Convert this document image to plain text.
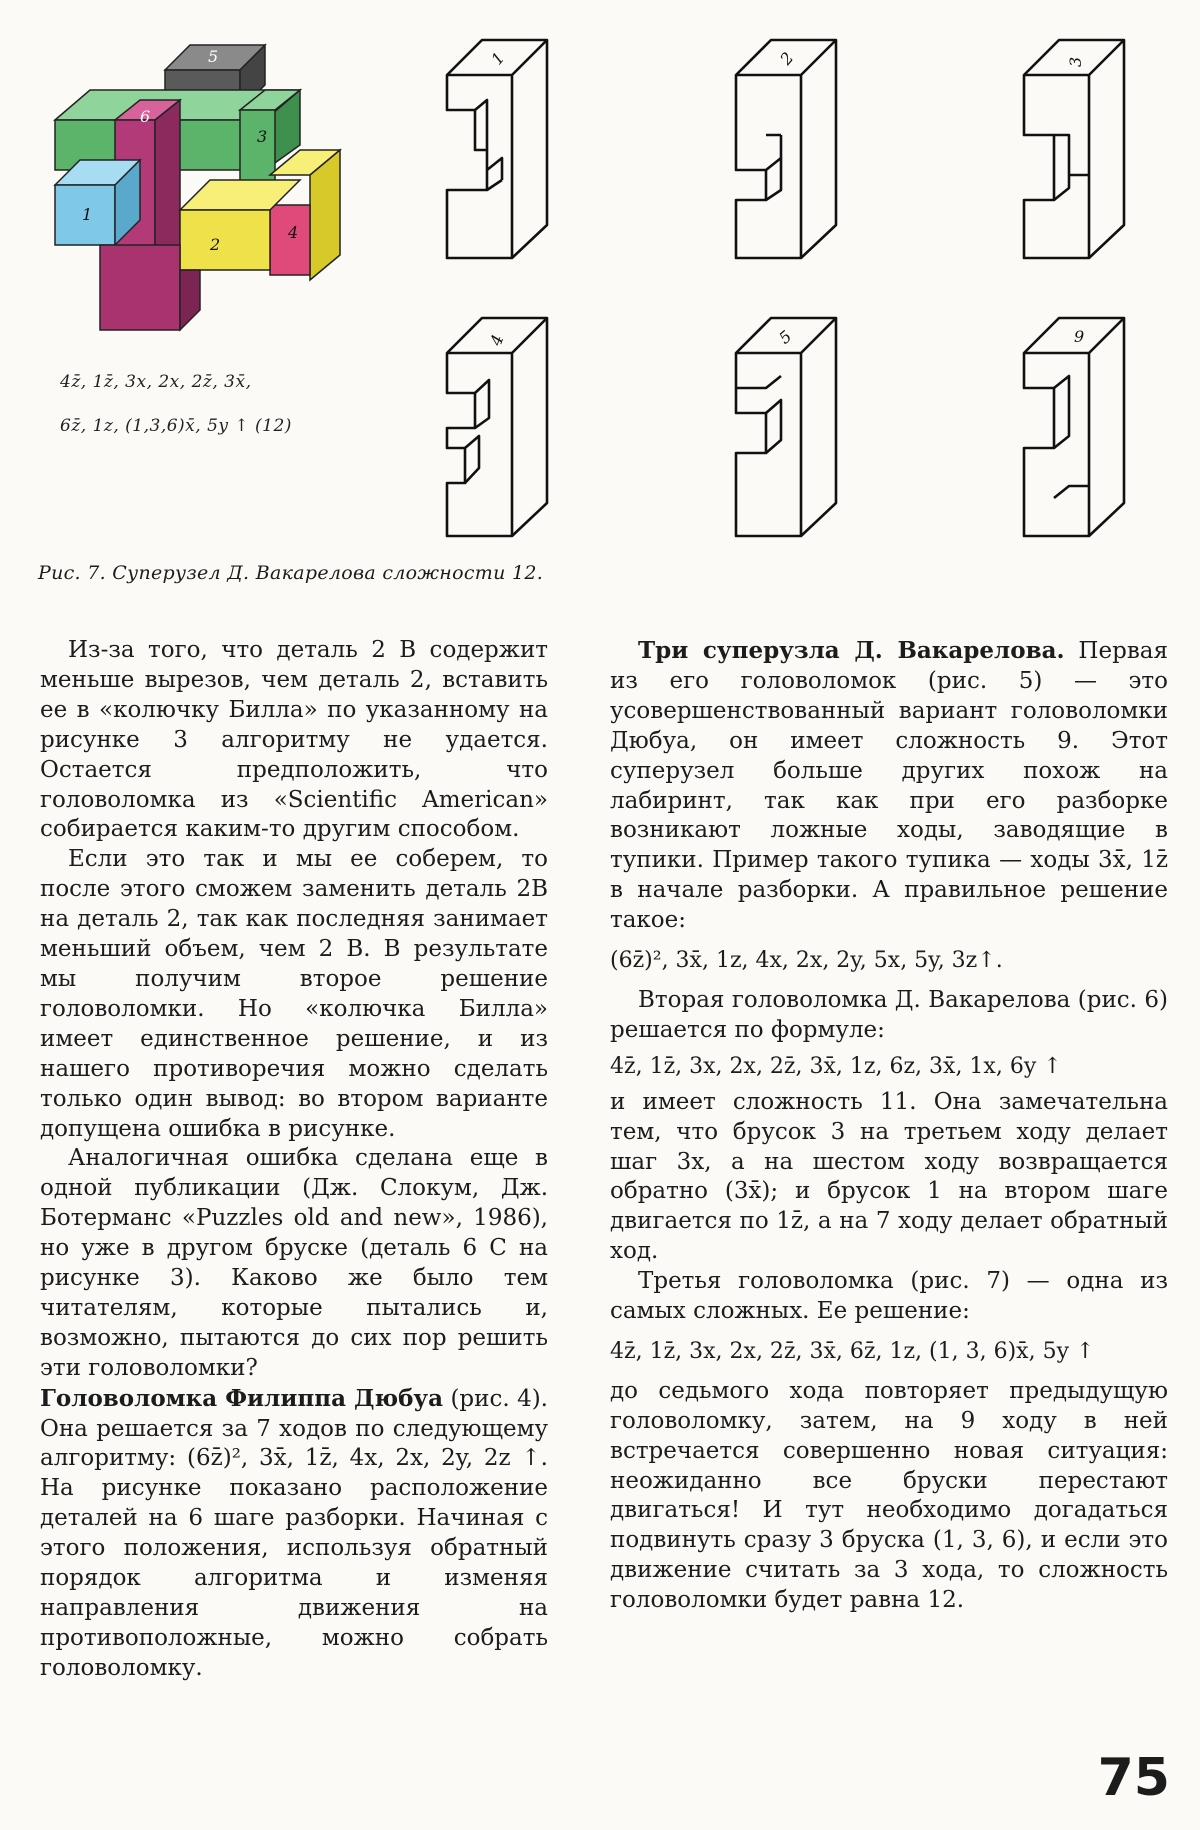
5
6
3
1
2
4
1	2	3
4	5	9
4z̄, 1z̄, 3x, 2x, 2z̄, 3x̄,
6z̄, 1z, (1,3,6)x̄, 5y ↑ (12)
Рис. 7. Суперузел Д. Вакарелова сложности 12.

Из-за того, что деталь 2 B содержит меньше вырезов, чем деталь 2, вставить ее в «колючку Билла» по указанному на рисунке 3 алгоритму не удается. Остается предположить, что головоломка из «Scientific American» собирается каким-то другим способом.

Если это так и мы ее соберем, то после этого сможем заменить деталь 2B на деталь 2, так как последняя занимает меньший объем, чем 2 B. В результате мы получим второе решение головоломки. Но «колючка Билла» имеет единственное решение, и из нашего противоречия можно сделать только один вывод: во втором варианте допущена ошибка в рисунке.

Аналогичная ошибка сделана еще в одной публикации (Дж. Слокум, Дж. Ботерманс «Puzzles old and new», 1986), но уже в другом бруске (деталь 6 C на рисунке 3). Каково же было тем читателям, которые пытались и, возможно, пытаются до сих пор решить эти головоломки?

Головоломка Филиппа Дюбуа (рис. 4). Она решается за 7 ходов по следующему алгоритму: (6z̄)², 3x̄, 1z̄, 4x, 2x, 2y, 2z ↑. На рисунке показано расположение деталей на 6 шаге разборки. Начиная с этого положения, используя обратный порядок алгоритма и изменяя направления движения на противоположные, можно собрать головоломку.

Три суперузла Д. Вакарелова. Первая из его головоломок (рис. 5) — это усовершенствованный вариант головоломки Дюбуа, он имеет сложность 9. Этот суперузел больше других похож на лабиринт, так как при его разборке возникают ложные ходы, заводящие в тупики. Пример такого тупика — ходы 3x̄, 1z̄ в начале разборки. А правильное решение такое:

(6z̄)², 3x̄, 1z, 4x, 2x, 2y, 5x, 5y, 3z↑.

Вторая головоломка Д. Вакарелова (рис. 6) решается по формуле:

4z̄, 1z̄, 3x, 2x, 2z̄, 3x̄, 1z, 6z, 3x̄, 1x, 6y ↑

и имеет сложность 11. Она замечательна тем, что брусок 3 на третьем ходу делает шаг 3x, а на шестом ходу возвращается обратно (3x̄); и брусок 1 на втором шаге двигается по 1z̄, а на 7 ходу делает обратный ход.

Третья головоломка (рис. 7) — одна из самых сложных. Ее решение:

4z̄, 1z̄, 3x, 2x, 2z̄, 3x̄, 6z̄, 1z, (1, 3, 6)x̄, 5y ↑

до седьмого хода повторяет предыдущую головоломку, затем, на 9 ходу в ней встречается совершенно новая ситуация: неожиданно все бруски перестают двигаться! И тут необходимо догадаться подвинуть сразу 3 бруска (1, 3, 6), и если это движение считать за 3 хода, то сложность головоломки будет равна 12.

75
